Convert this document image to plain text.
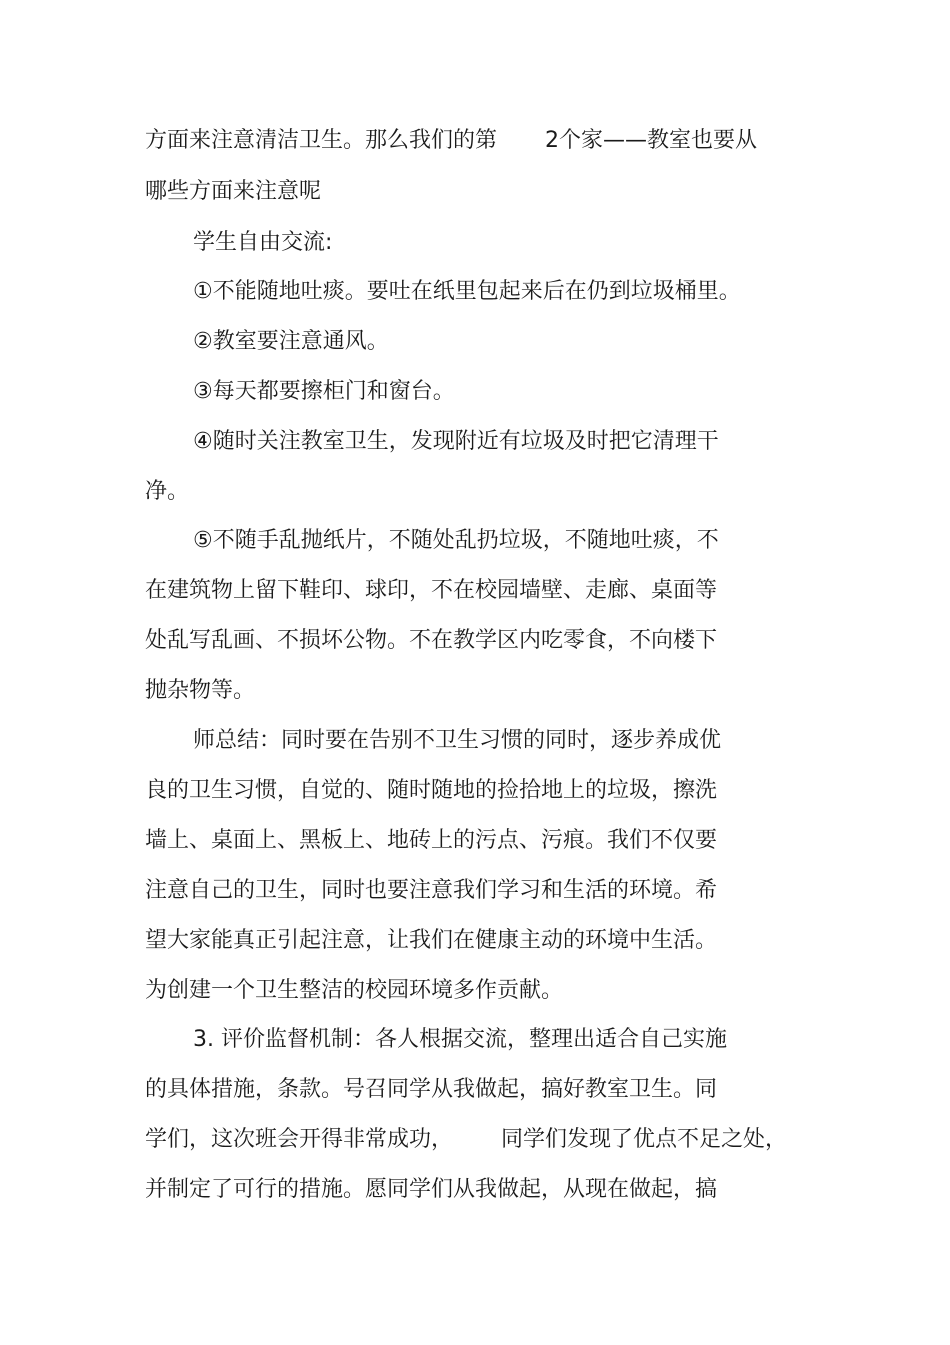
方面来注意清洁卫生。那么我们的第 2个家——教室也要从
哪些方面来注意呢
学生自由交流:
①不能随地吐痰。要吐在纸里包起来后在仍到垃圾桶里。
②教室要注意通风。
③每天都要擦柜门和窗台。
④随时关注教室卫生，发现附近有垃圾及时把它清理干
净。
⑤不随手乱抛纸片，不随处乱扔垃圾，不随地吐痰，不
在建筑物上留下鞋印、球印，不在校园墙壁、走廊、桌面等
处乱写乱画、不损坏公物。不在教学区内吃零食，不向楼下
抛杂物等。
师总结：同时要在告别不卫生习惯的同时，逐步养成优
良的卫生习惯，自觉的、随时随地的捡拾地上的垃圾，擦洗
墙上、桌面上、黑板上、地砖上的污点、污痕。我们不仅要
注意自己的卫生，同时也要注意我们学习和生活的环境。希
望大家能真正引起注意，让我们在健康主动的环境中生活。
为创建一个卫生整洁的校园环境多作贡献。
3. 评价监督机制：各人根据交流，整理出适合自己实施
的具体措施，条款。号召同学从我做起，搞好教室卫生。同
学们，这次班会开得非常成功， 同学们发现了优点不足之处，
并制定了可行的措施。愿同学们从我做起，从现在做起，搞
